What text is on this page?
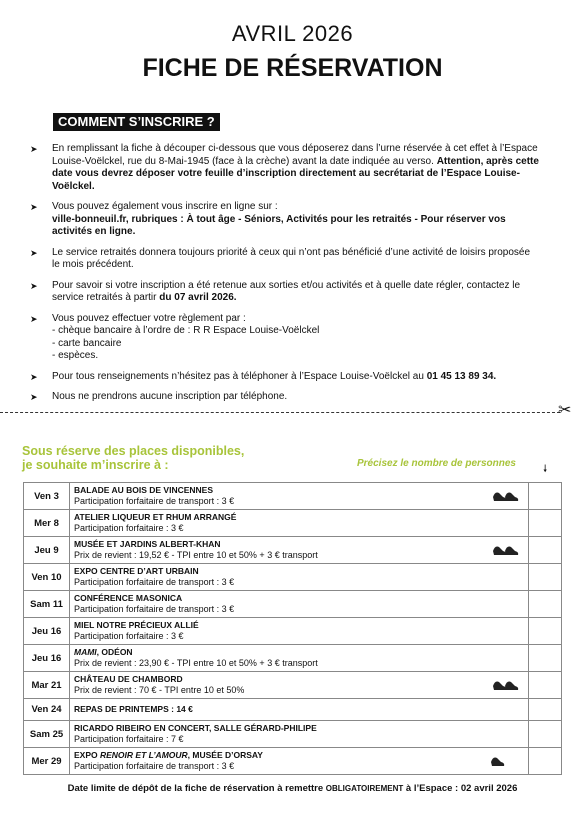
AVRIL 2026
FICHE DE RÉSERVATION
COMMENT S’INSCRIRE ?
➤	En remplissant la fiche à découper ci-dessous que vous déposerez dans l’urne réservée à cet effet à l’Espace Louise-Voëlckel, rue du 8-Mai-1945 (face à la crèche) avant la date indiquée au verso. Attention, après cette date vous devrez déposer votre feuille d’inscription directement au secrétariat de l’Espace Louise-Voëlckel.
➤	Vous pouvez également vous inscrire en ligne sur :
ville-bonneuil.fr, rubriques : À tout âge - Séniors, Activités pour les retraités - Pour réserver vos activités en ligne.
➤	Le service retraités donnera toujours priorité à ceux qui n’ont pas bénéficié d’une activité de loisirs proposée le mois précédent.
➤	Pour savoir si votre inscription a été retenue aux sorties et/ou activités et à quelle date régler, contactez le service retraités à partir du 07 avril 2026.
➤	Vous pouvez effectuer votre règlement par :
- chèque bancaire à l’ordre de : R R Espace Louise-Voëlckel
- carte bancaire
- espèces.
➤	Pour tous renseignements n’hésitez pas à téléphoner à l’Espace Louise-Voëlckel au 01 45 13 89 34.
➤	Nous ne prendrons aucune inscription par téléphone.
✂
Sous réserve des places disponibles,
je souhaite m’inscrire à :	Précisez le nombre de personnes
🠗
Ven 3	BALADE AU BOIS DE VINCENNES
Participation forfaitaire de transport : 3 €	

Mer 8	ATELIER LIQUEUR ET RHUM ARRANGÉ
Participation forfaitaire : 3 €	

Jeu 9	MUSÉE ET JARDINS ALBERT-KHAN
Prix de revient : 19,52 € - TPI entre 10 et 50% + 3 € transport	

Ven 10	EXPO CENTRE D’ART URBAIN
Participation forfaitaire de transport : 3 €	

Sam 11	CONFÉRENCE MASONICA
Participation forfaitaire de transport : 3 €	

Jeu 16	MIEL NOTRE PRÉCIEUX ALLIÉ
Participation forfaitaire : 3 €	

Jeu 16	MAMI, ODÉON
Prix de revient : 23,90 € - TPI entre 10 et 50% + 3 € transport	

Mar 21	CHÂTEAU DE CHAMBORD
Prix de revient : 70 € - TPI entre 10 et 50%	

Ven 24	REPAS DE PRINTEMPS : 14 €	

Sam 25	RICARDO RIBEIRO EN CONCERT, SALLE GÉRARD-PHILIPE
Participation forfaitaire : 7 €	

Mer 29	EXPO RENOIR ET L’AMOUR, MUSÉE D’ORSAY
Participation forfaitaire de transport : 3 €	

Date limite de dépôt de la fiche de réservation à remettre OBLIGATOIREMENT à l’Espace : 02 avril 2026
